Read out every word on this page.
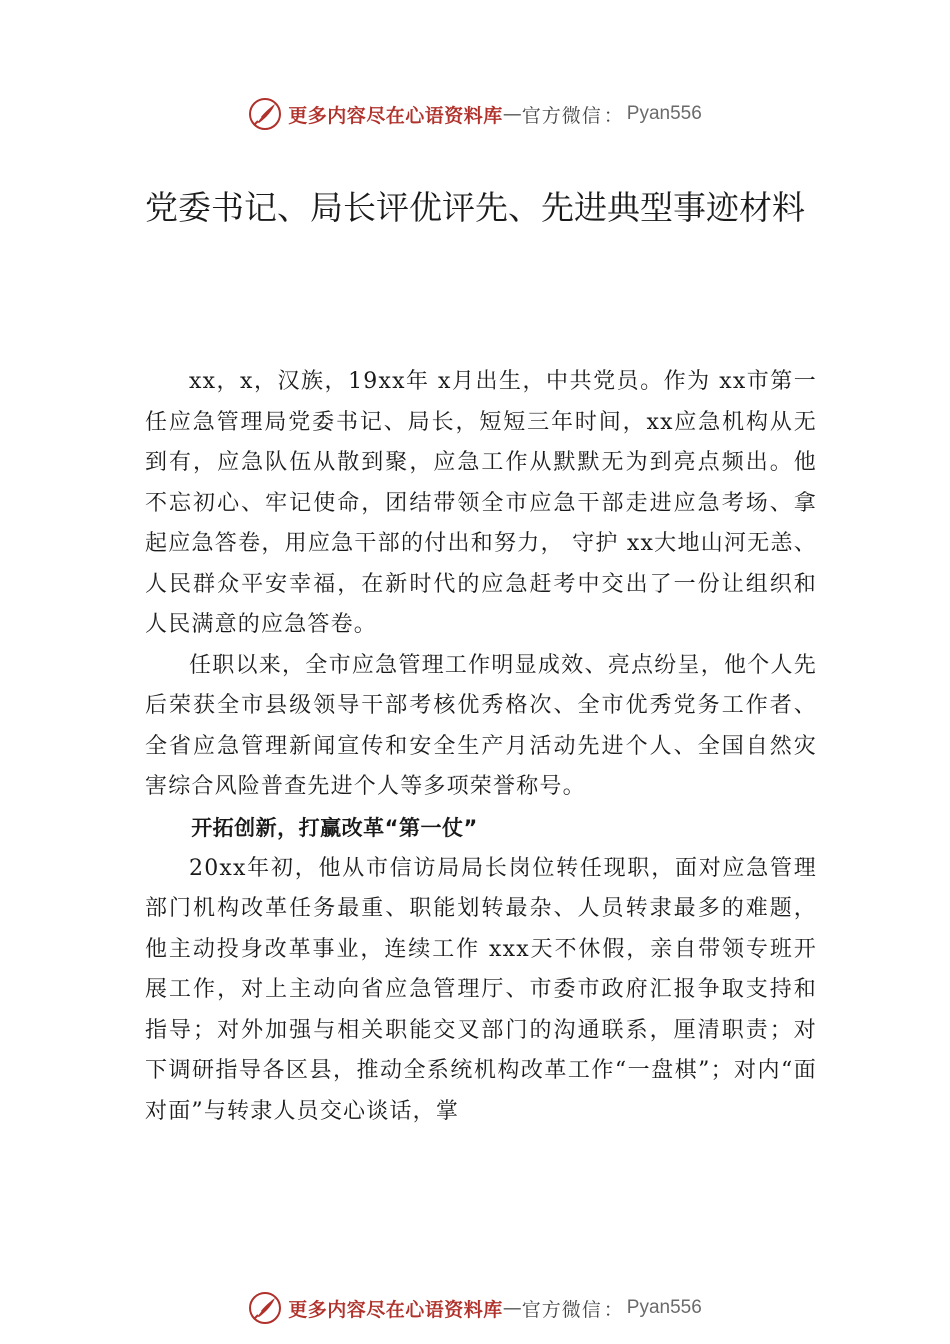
更多内容尽在心语资料库 — 官方微信 ： Pyan556
党委书记、局长评优评先、先进典型事迹材料

xx，x，汉族，19xx年 x月出生，中共党员。作为 xx市第一任应急管理局党委书记、局长，短短三年时间，xx应急机构从无到有，应急队伍从散到聚，应急工作从默默无为到亮点频出。他不忘初心、牢记使命，团结带领全市应急干部走进应急考场、拿起应急答卷，用应急干部的付出和努力， 守护 xx大地山河无恙、人民群众平安幸福，在新时代的应急赶考中交出了一份让组织和人民满意的应急答卷。

任职以来，全市应急管理工作明显成效、亮点纷呈，他个人先后荣获全市县级领导干部考核优秀格次、全市优秀党务工作者、全省应急管理新闻宣传和安全生产月活动先进个人、全国自然灾害综合风险普查先进个人等多项荣誉称号。

开拓创新，打赢改革“第一仗”

20xx年初，他从市信访局局长岗位转任现职，面对应急管理部门机构改革任务最重、职能划转最杂、人员转隶最多的难题，他主动投身改革事业，连续工作 xxx天不休假，亲自带领专班开展工作，对上主动向省应急管理厅、市委市政府汇报争取支持和指导；对外加强与相关职能交叉部门的沟通联系，厘清职责；对下调研指导各区县，推动全系统机构改革工作“一盘棋”；对内“面对面”与转隶人员交心谈话，掌

更多内容尽在心语资料库 — 官方微信 ： Pyan556
